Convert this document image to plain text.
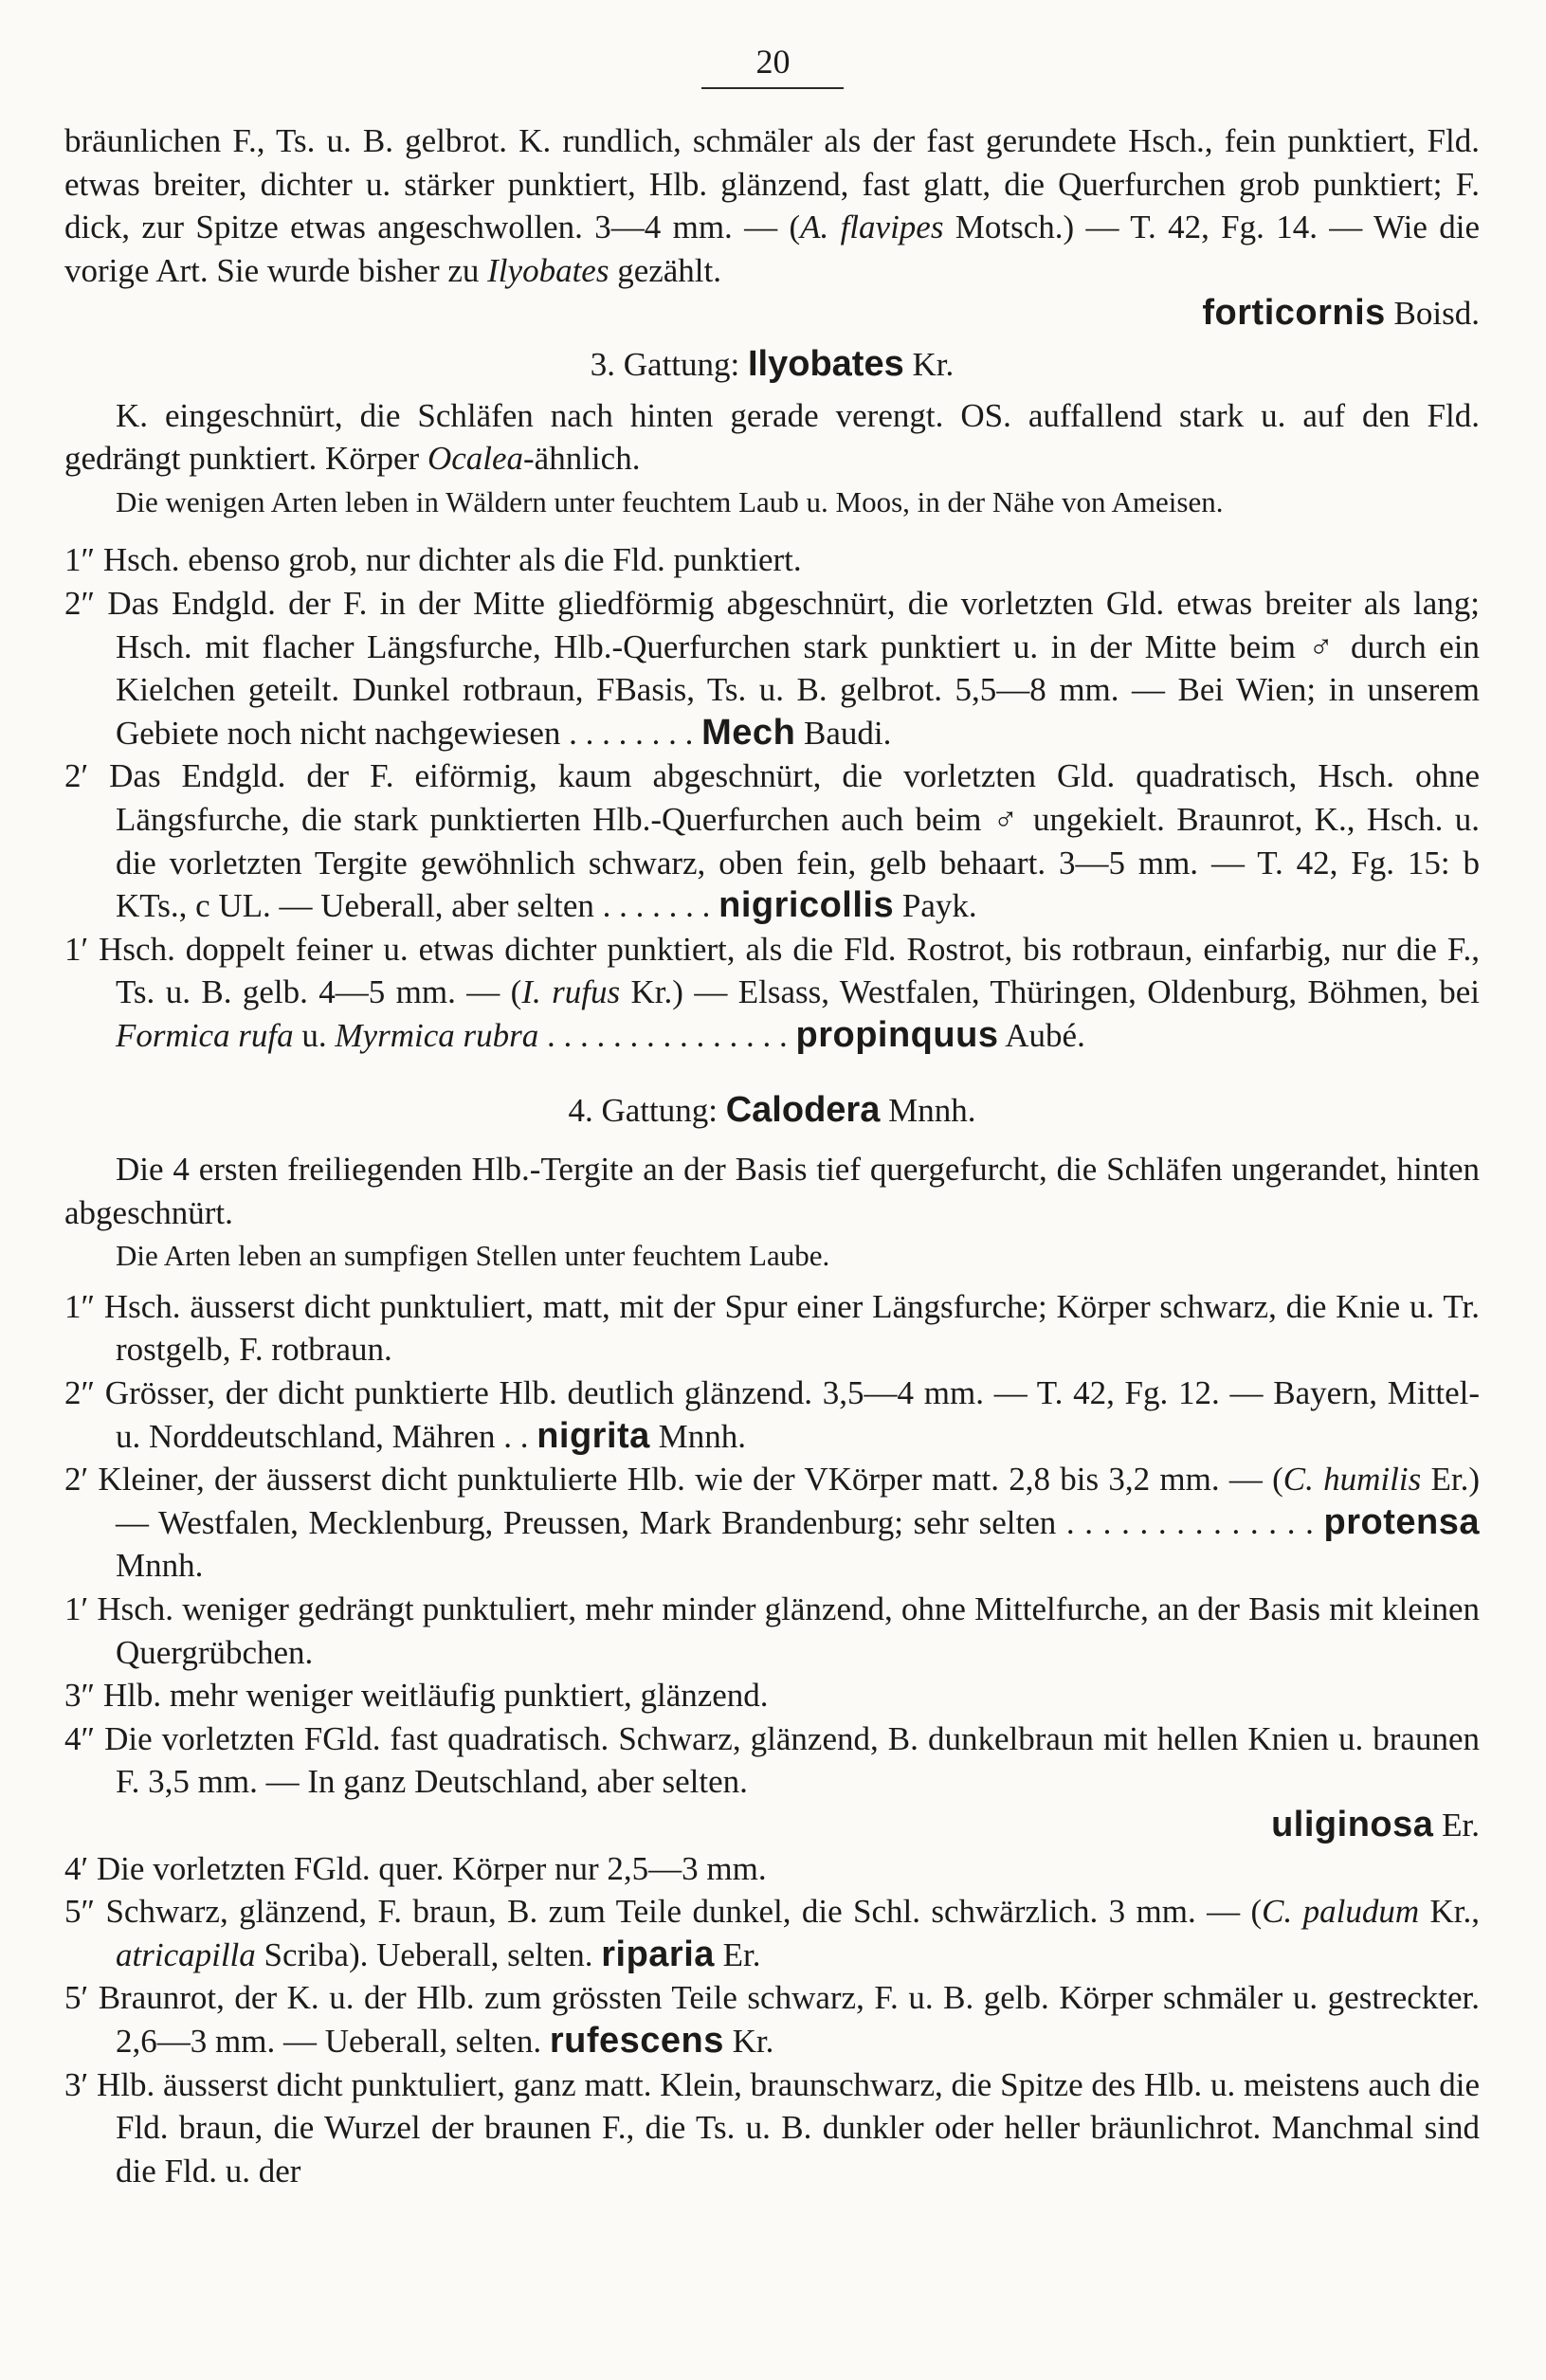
20

bräunlichen F., Ts. u. B. gelbrot. K. rundlich, schmäler als der fast gerundete Hsch., fein punktiert, Fld. etwas breiter, dichter u. stärker punktiert, Hlb. glänzend, fast glatt, die Querfurchen grob punktiert; F. dick, zur Spitze etwas angeschwollen. 3—4 mm. — (A. flavipes Motsch.) — T. 42, Fg. 14. — Wie die vorige Art. Sie wurde bisher zu Ilyobates gezählt.

forticornis Boisd.

3. Gattung: Ilyobates Kr.

K. eingeschnürt, die Schläfen nach hinten gerade verengt. OS. auffallend stark u. auf den Fld. gedrängt punktiert. Körper Ocalea-ähnlich.

Die wenigen Arten leben in Wäldern unter feuchtem Laub u. Moos, in der Nähe von Ameisen.

1″ Hsch. ebenso grob, nur dichter als die Fld. punktiert.

2″ Das Endgld. der F. in der Mitte gliedförmig abgeschnürt, die vorletzten Gld. etwas breiter als lang; Hsch. mit flacher Längsfurche, Hlb.-Querfurchen stark punktiert u. in der Mitte beim ♂ durch ein Kielchen geteilt. Dunkel rotbraun, FBasis, Ts. u. B. gelbrot. 5,5—8 mm. — Bei Wien; in unserem Gebiete noch nicht nachgewiesen . . . . . . . . Mech Baudi.

2′ Das Endgld. der F. eiförmig, kaum abgeschnürt, die vorletzten Gld. quadratisch, Hsch. ohne Längsfurche, die stark punktierten Hlb.-Querfurchen auch beim ♂ ungekielt. Braunrot, K., Hsch. u. die vorletzten Tergite gewöhnlich schwarz, oben fein, gelb behaart. 3—5 mm. — T. 42, Fg. 15: b KTs., c UL. — Ueberall, aber selten . . . . . . . nigricollis Payk.

1′ Hsch. doppelt feiner u. etwas dichter punktiert, als die Fld. Rostrot, bis rotbraun, einfarbig, nur die F., Ts. u. B. gelb. 4—5 mm. — (I. rufus Kr.) — Elsass, Westfalen, Thüringen, Oldenburg, Böhmen, bei Formica rufa u. Myrmica rubra . . . . . . . . . . . . . . . propinquus Aubé.

4. Gattung: Calodera Mnnh.

Die 4 ersten freiliegenden Hlb.-Tergite an der Basis tief quergefurcht, die Schläfen ungerandet, hinten abgeschnürt.

Die Arten leben an sumpfigen Stellen unter feuchtem Laube.

1″ Hsch. äusserst dicht punktuliert, matt, mit der Spur einer Längsfurche; Körper schwarz, die Knie u. Tr. rostgelb, F. rotbraun.

2″ Grösser, der dicht punktierte Hlb. deutlich glänzend. 3,5—4 mm. — T. 42, Fg. 12. — Bayern, Mittel- u. Norddeutschland, Mähren . . nigrita Mnnh.

2′ Kleiner, der äusserst dicht punktulierte Hlb. wie der VKörper matt. 2,8 bis 3,2 mm. — (C. humilis Er.) — Westfalen, Mecklenburg, Preussen, Mark Brandenburg; sehr selten . . . . . . . . . . . . . . protensa Mnnh.

1′ Hsch. weniger gedrängt punktuliert, mehr minder glänzend, ohne Mittelfurche, an der Basis mit kleinen Quergrübchen.

3″ Hlb. mehr weniger weitläufig punktiert, glänzend.

4″ Die vorletzten FGld. fast quadratisch. Schwarz, glänzend, B. dunkelbraun mit hellen Knien u. braunen F. 3,5 mm. — In ganz Deutschland, aber selten.

uliginosa Er.

4′ Die vorletzten FGld. quer. Körper nur 2,5—3 mm.

5″ Schwarz, glänzend, F. braun, B. zum Teile dunkel, die Schl. schwärzlich. 3 mm. — (C. paludum Kr., atricapilla Scriba). Ueberall, selten. riparia Er.

5′ Braunrot, der K. u. der Hlb. zum grössten Teile schwarz, F. u. B. gelb. Körper schmäler u. gestreckter. 2,6—3 mm. — Ueberall, selten. rufescens Kr.

3′ Hlb. äusserst dicht punktuliert, ganz matt. Klein, braunschwarz, die Spitze des Hlb. u. meistens auch die Fld. braun, die Wurzel der braunen F., die Ts. u. B. dunkler oder heller bräunlichrot. Manchmal sind die Fld. u. der
